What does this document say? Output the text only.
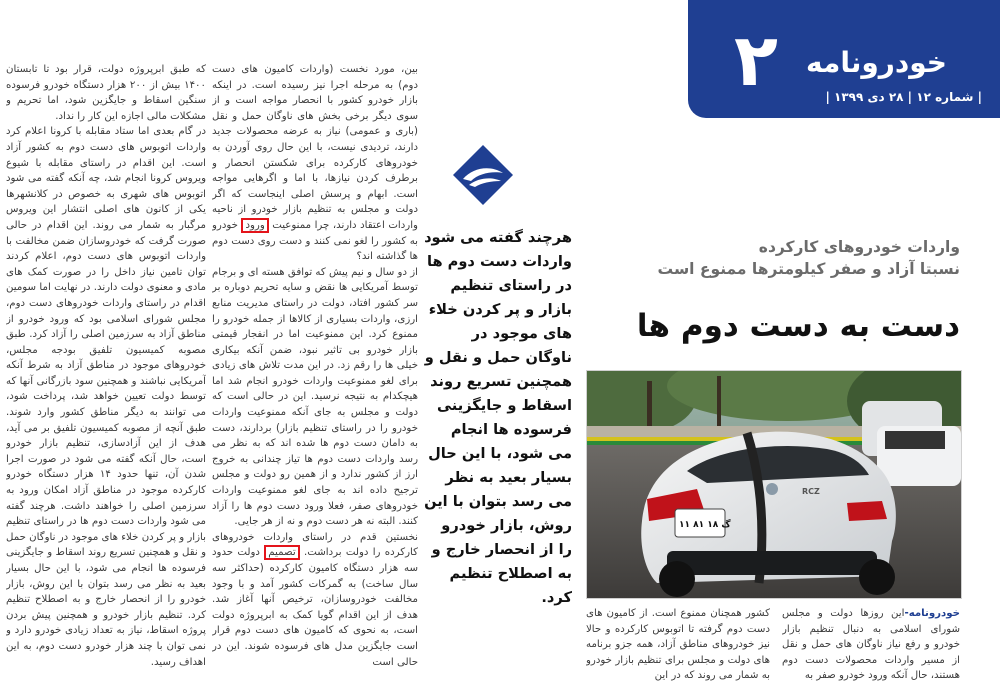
که طبق ابرپروژه دولت، قرار بود تا تابستان ۱۴۰۰ بیش از ۲۰۰ هزار دستگاه خودرو فرسوده سنگین اسقاط و جایگزین شود، اما تحریم و مشکلات مالی اجازه این کار را نداد.

در گام بعدی اما ستاد مقابله با کرونا اعلام کرد واردات اتوبوس های دست دوم به کشور آزاد است. این اقدام در راستای مقابله با شیوع ویروس کرونا انجام شد، چه آنکه گفته می شود اتوبوس های شهری به خصوص در کلانشهرها یکی از کانون های اصلی انتشار این ویروس مرگبار به شمار می روند. این اقدام در حالی صورت گرفت که خودروسازان ضمن مخالفت با واردات اتوبوس های دست دوم، اعلام کردند توان تامین نیاز داخل را در صورت کمک های مادی و معنوی دولت دارند. در نهایت اما سومین اقدام در راستای واردات خودروهای دست دوم، مجلس شورای اسلامی بود که ورود خودرو از مناطق آزاد به سرزمین اصلی را آزاد کرد. طبق مصوبه کمیسیون تلفیق بودجه مجلس، خودروهای موجود در مناطق آزاد به شرط آنکه آمریکایی نباشند و همچنین سود بازرگانی آنها که توسط دولت تعیین خواهد شد، پرداخت شود، می توانند به دیگر مناطق کشور وارد شوند. طبق آنچه از مصوبه کمیسیون تلفیق بر می آید، هدف از این آزادسازی، تنظیم بازار خودرو است، حال آنکه گفته می شود در صورت اجرا شدن آن، تنها حدود ۱۴ هزار دستگاه خودرو کارکرده موجود در مناطق آزاد امکان ورود به سرزمین اصلی را خواهند داشت. هرچند گفته می شود واردات دست دوم ها در راستای تنظیم بازار و پر کردن خلاء های موجود در ناوگان حمل و نقل و همچنین تسریع روند اسقاط و جایگزینی فرسوده ها انجام می شود، با این حال بسیار بعید به نظر می رسد بتوان با این روش، بازار خودرو را از انحصار خارج و به اصطلاح تنظیم کرد. تنظیم بازار خودرو و همچنین پیش بردن پروژه اسقاط، نیاز به تعداد زیادی خودرو دارد و نمی توان با چند هزار خودرو دست دوم، به این اهداف رسید.

بین، مورد نخست (واردات کامیون های دست دوم) به مرحله اجرا نیز رسیده است. در اینکه بازار خودرو کشور با انحصار مواجه است و از سوی دیگر برخی بخش های ناوگان حمل و نقل (باری و عمومی) نیاز به عرضه محصولات جدید دارند، تردیدی نیست، با این حال روی آوردن به خودروهای کارکرده برای شکستن انحصار و برطرف کردن نیازها، با اما و اگرهایی مواجه است. ابهام و پرسش اصلی اینجاست که اگر دولت و مجلس به تنظیم بازار خودرو از ناحیه واردات اعتقاد دارند، چرا ممنوعیت ورود خودرو به کشور را لغو نمی کنند و دست روی دست دوم ها گذاشته اند؟

از دو سال و نیم پیش که توافق هسته ای و برجام توسط آمریکایی ها نقض و سایه تحریم دوباره بر سر کشور افتاد، دولت در راستای مدیریت منابع ارزی، واردات بسیاری از کالاها از جمله خودرو را ممنوع کرد. این ممنوعیت اما در انفجار قیمتی بازار خودرو بی تاثیر نبود، ضمن آنکه بیکاری خیلی ها را رقم زد. در این مدت تلاش های زیادی برای لغو ممنوعیت واردات خودرو انجام شد اما هیچکدام به نتیجه نرسید. این در حالی است که دولت و مجلس به جای آنکه ممنوعیت واردات خودرو را در راستای تنظیم بازار) بردارند، دست به دامان دست دوم ها شده اند که به نظر می رسد واردات دست دوم ها تیاز چندانی به خروج ارز از کشور ندارد و از همین رو دولت و مجلس ترجیح داده اند به جای لغو ممنوعیت واردات خودروهای صفر، فعلا ورود دست دوم ها را آزاد کنند. البته نه هر دست دوم و نه از هر جایی.

نخستین قدم در راستای واردات خودروهای کارکرده را دولت برداشت. تصمیم دولت حدود سه هزار دستگاه کامیون کارکرده (حداکثر سه سال ساخت) به گمرکات کشور آمد و با وجود مخالفت خودروسازان، ترخیص آنها آغاز شد. هدف از این اقدام گویا کمک به ابرپروژه دولت است، به نحوی که کامیون های دست دوم قرار است جایگزین مدل های فرسوده شوند. این در حالی است

۲ خودرونامه
| شماره ۱۲ | ۲۸ دی ۱۳۹۹ |
هرچند گفته می شود واردات دست دوم ها در راستای تنظیم بازار و پر کردن خلاء های موجود در ناوگان حمل و نقل و همچنین تسریع روند اسقاط و جایگزینی فرسوده ها انجام می شود، با این حال بسیار بعید به نظر می رسد بتوان با این روش، بازار خودرو را از انحصار خارج و به اصطلاح تنظیم کرد.
واردات خودروهای کارکرده
نسبتا آزاد و صفر کیلومترها ممنوع است
دست به دست دوم ها
RCZ
۱۱ ۸۱ گ ۱۸
خودرونامه-این روزها دولت و مجلس شورای اسلامی به دنبال تنظیم بازار خودرو و رفع نیاز ناوگان های حمل و نقل از مسیر واردات محصولات دست دوم هستند، حال آنکه ورود خودرو صفر به
کشور همچنان ممنوع است. از کامیون های دست دوم گرفته تا اتوبوس کارکرده و حالا نیز خودروهای مناطق آزاد، همه جزو برنامه های دولت و مجلس برای تنظیم بازار خودرو به شمار می روند که در این
